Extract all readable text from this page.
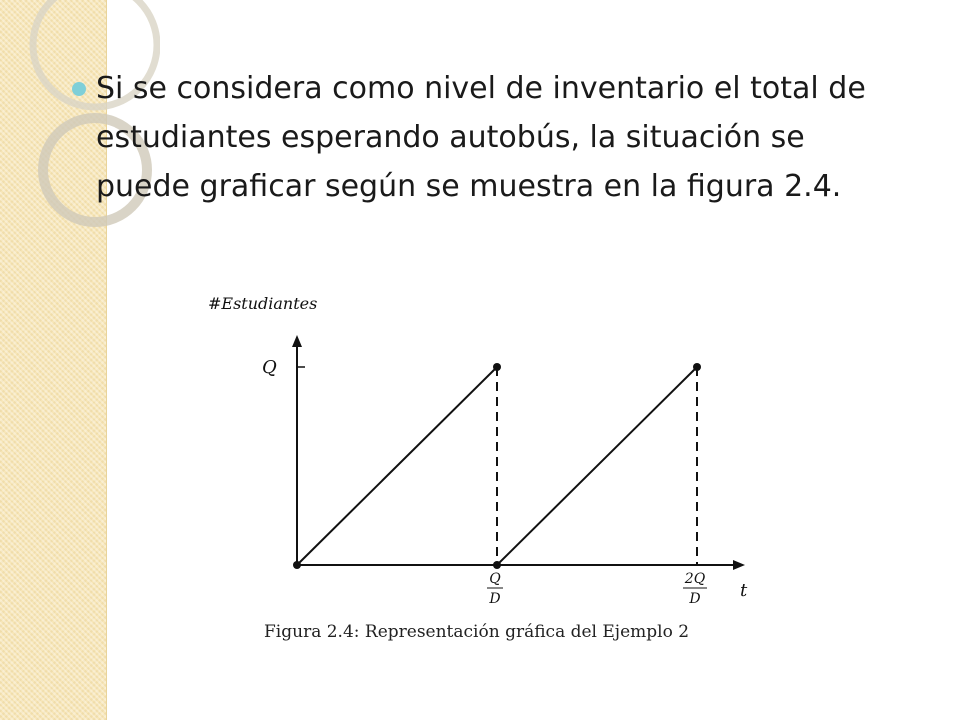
Si se considera como nivel de inventario el total de estudiantes esperando autobús, la situación se puede graficar según se muestra en la figura 2.4.

#Estudiantes
Q
t
Q
D
2Q
D
Figura 2.4: Representación gráfica del Ejemplo 2
